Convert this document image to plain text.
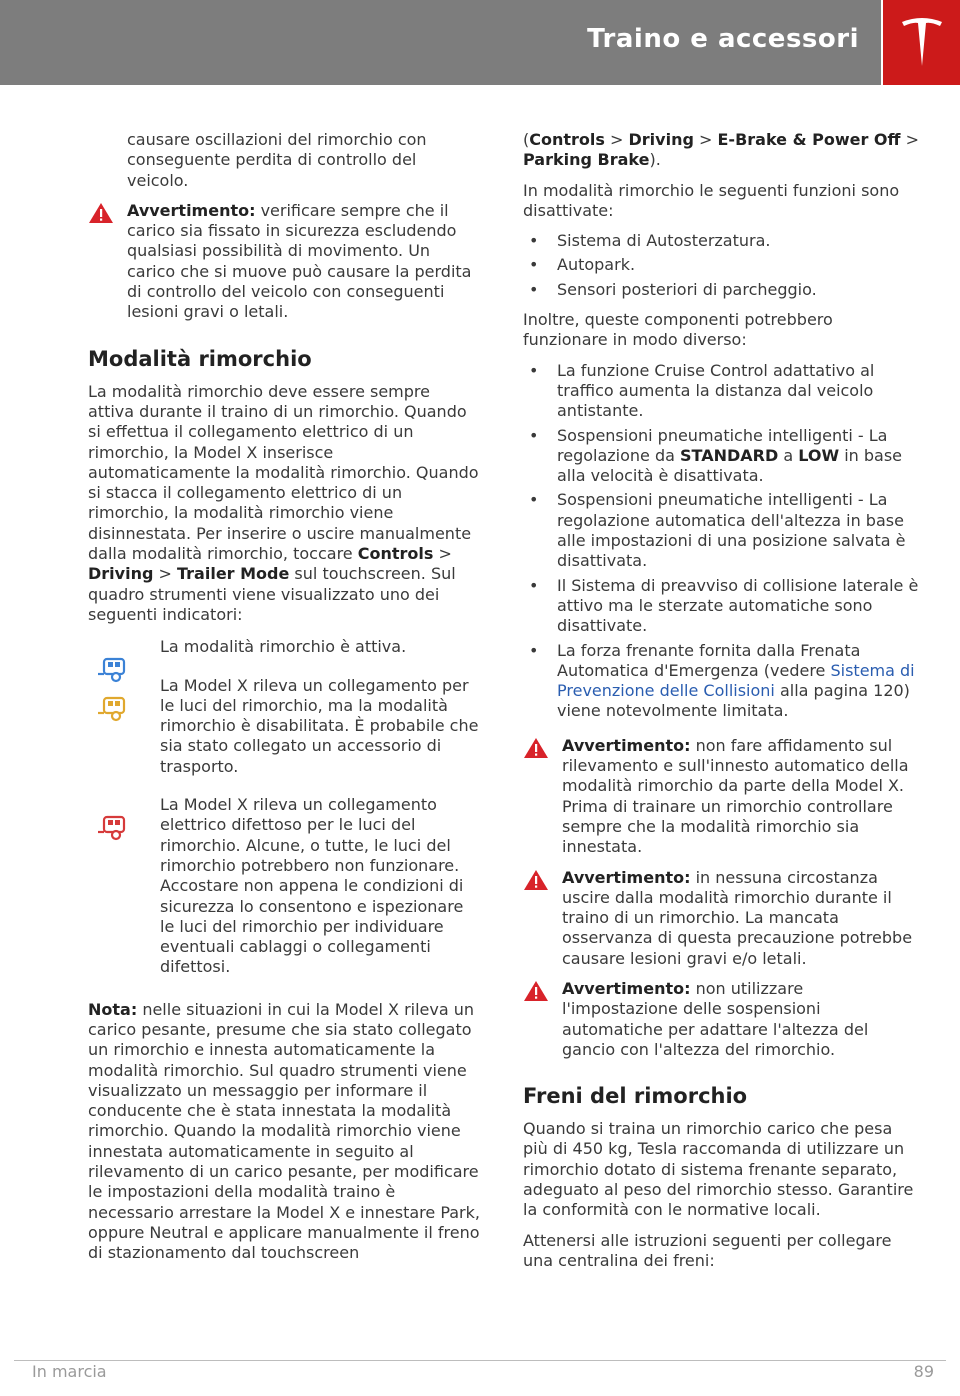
Traino e accessori

causare oscillazioni del rimorchio con conseguente perdita di controllo del veicolo.

Avvertimento: verificare sempre che il carico sia fissato in sicurezza escludendo qualsiasi possibilità di movimento. Un carico che si muove può causare la perdita di controllo del veicolo con conseguenti lesioni gravi o letali.
Modalità rimorchio

La modalità rimorchio deve essere sempre attiva durante il traino di un rimorchio. Quando si effettua il collegamento elettrico di un rimorchio, la Model X inserisce automaticamente la modalità rimorchio. Quando si stacca il collegamento elettrico di un rimorchio, la modalità rimorchio viene disinnestata. Per inserire o uscire manualmente dalla modalità rimorchio, toccare Controls > Driving > Trailer Mode sul touchscreen. Sul quadro strumenti viene visualizzato uno dei seguenti indicatori:

La modalità rimorchio è attiva.
La Model X rileva un collegamento per le luci del rimorchio, ma la modalità rimorchio è disabilitata. È probabile che sia stato collegato un accessorio di trasporto.
La Model X rileva un collegamento elettrico difettoso per le luci del rimorchio. Alcune, o tutte, le luci del rimorchio potrebbero non funzionare. Accostare non appena le condizioni di sicurezza lo consentono e ispezionare le luci del rimorchio per individuare eventuali cablaggi o collegamenti difettosi.

Nota: nelle situazioni in cui la Model X rileva un carico pesante, presume che sia stato collegato un rimorchio e innesta automaticamente la modalità rimorchio. Sul quadro strumenti viene visualizzato un messaggio per informare il conducente che è stata innestata la modalità rimorchio. Quando la modalità rimorchio viene innestata automaticamente in seguito al rilevamento di un carico pesante, per modificare le impostazioni della modalità traino è necessario arrestare la Model X e innestare Park, oppure Neutral e applicare manualmente il freno di stazionamento dal touchscreen

(Controls > Driving > E-Brake & Power Off > Parking Brake).

In modalità rimorchio le seguenti funzioni sono disattivate:

• Sistema di Autosterzatura.
• Autopark.
• Sensori posteriori di parcheggio.

Inoltre, queste componenti potrebbero funzionare in modo diverso:

• La funzione Cruise Control adattativo al traffico aumenta la distanza dal veicolo antistante.
• Sospensioni pneumatiche intelligenti - La regolazione da STANDARD a LOW in base alla velocità è disattivata.
• Sospensioni pneumatiche intelligenti - La regolazione automatica dell'altezza in base alle impostazioni di una posizione salvata è disattivata.
• Il Sistema di preavviso di collisione laterale è attivo ma le sterzate automatiche sono disattivate.
• La forza frenante fornita dalla Frenata Automatica d'Emergenza (vedere Sistema di Prevenzione delle Collisioni alla pagina 120) viene notevolmente limitata.
Avvertimento: non fare affidamento sul rilevamento e sull'innesto automatico della modalità rimorchio da parte della Model X. Prima di trainare un rimorchio controllare sempre che la modalità rimorchio sia innestata.
Avvertimento: in nessuna circostanza uscire dalla modalità rimorchio durante il traino di un rimorchio. La mancata osservanza di questa precauzione potrebbe causare lesioni gravi e/o letali.
Avvertimento: non utilizzare l'impostazione delle sospensioni automatiche per adattare l'altezza del gancio con l'altezza del rimorchio.
Freni del rimorchio

Quando si traina un rimorchio carico che pesa più di 450 kg, Tesla raccomanda di utilizzare un rimorchio dotato di sistema frenante separato, adeguato al peso del rimorchio stesso. Garantire la conformità con le normative locali.

Attenersi alle istruzioni seguenti per collegare una centralina dei freni:

In marcia	89
